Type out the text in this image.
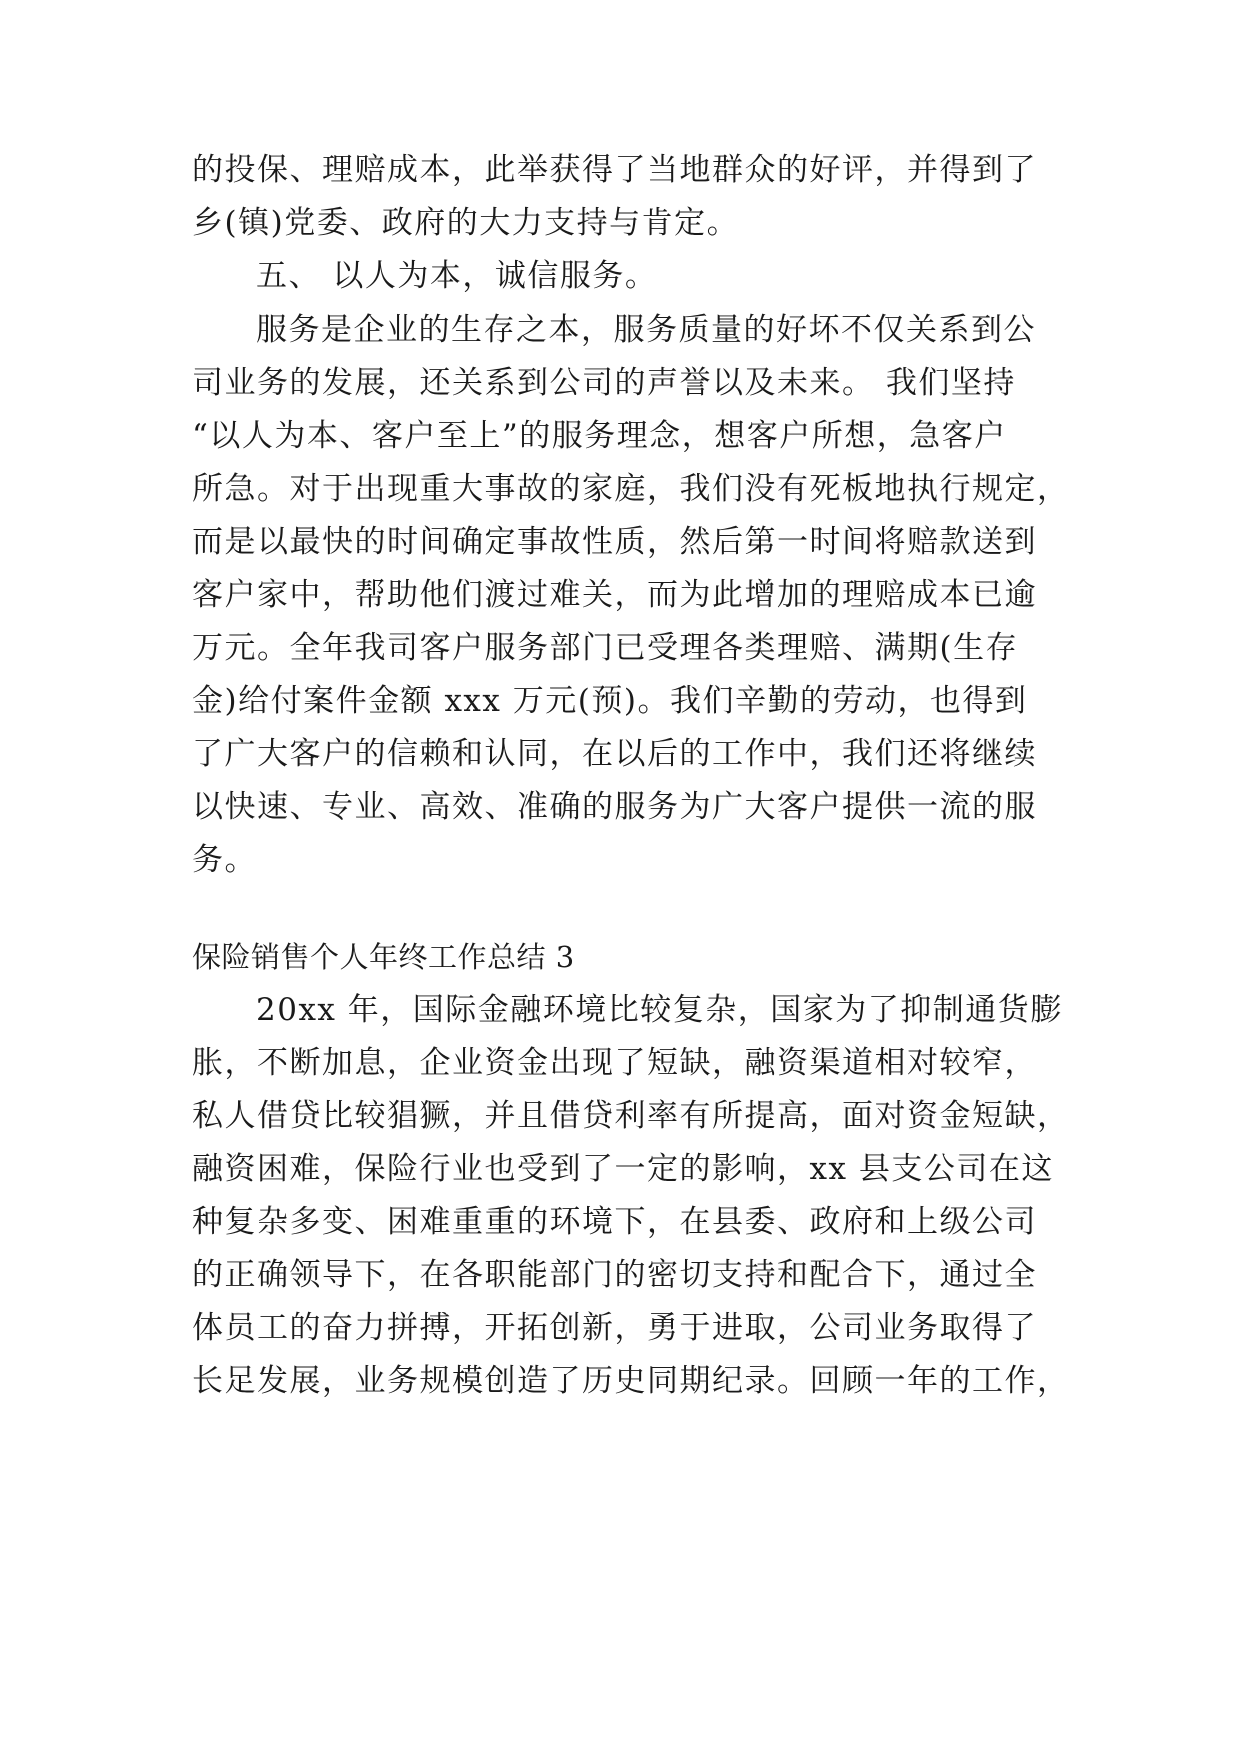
的投保、理赔成本，此举获得了当地群众的好评，并得到了
乡(镇)党委、政府的大力支持与肯定。
五、 以人为本，诚信服务。
服务是企业的生存之本，服务质量的好坏不仅关系到公
司业务的发展，还关系到公司的声誉以及未来。 我们坚持
“以人为本、客户至上”的服务理念，想客户所想，急客户
所急。对于出现重大事故的家庭，我们没有死板地执行规定，
而是以最快的时间确定事故性质，然后第一时间将赔款送到
客户家中，帮助他们渡过难关，而为此增加的理赔成本已逾
万元。全年我司客户服务部门已受理各类理赔、满期(生存
金)给付案件金额 xxx 万元(预)。我们辛勤的劳动，也得到
了广大客户的信赖和认同，在以后的工作中，我们还将继续
以快速、专业、高效、准确的服务为广大客户提供一流的服
务。
保险销售个人年终工作总结 3
20xx 年，国际金融环境比较复杂，国家为了抑制通货膨
胀，不断加息，企业资金出现了短缺，融资渠道相对较窄，
私人借贷比较猖獗，并且借贷利率有所提高，面对资金短缺，
融资困难，保险行业也受到了一定的影响，xx 县支公司在这
种复杂多变、困难重重的环境下，在县委、政府和上级公司
的正确领导下，在各职能部门的密切支持和配合下，通过全
体员工的奋力拼搏，开拓创新，勇于进取，公司业务取得了
长足发展，业务规模创造了历史同期纪录。回顾一年的工作，
